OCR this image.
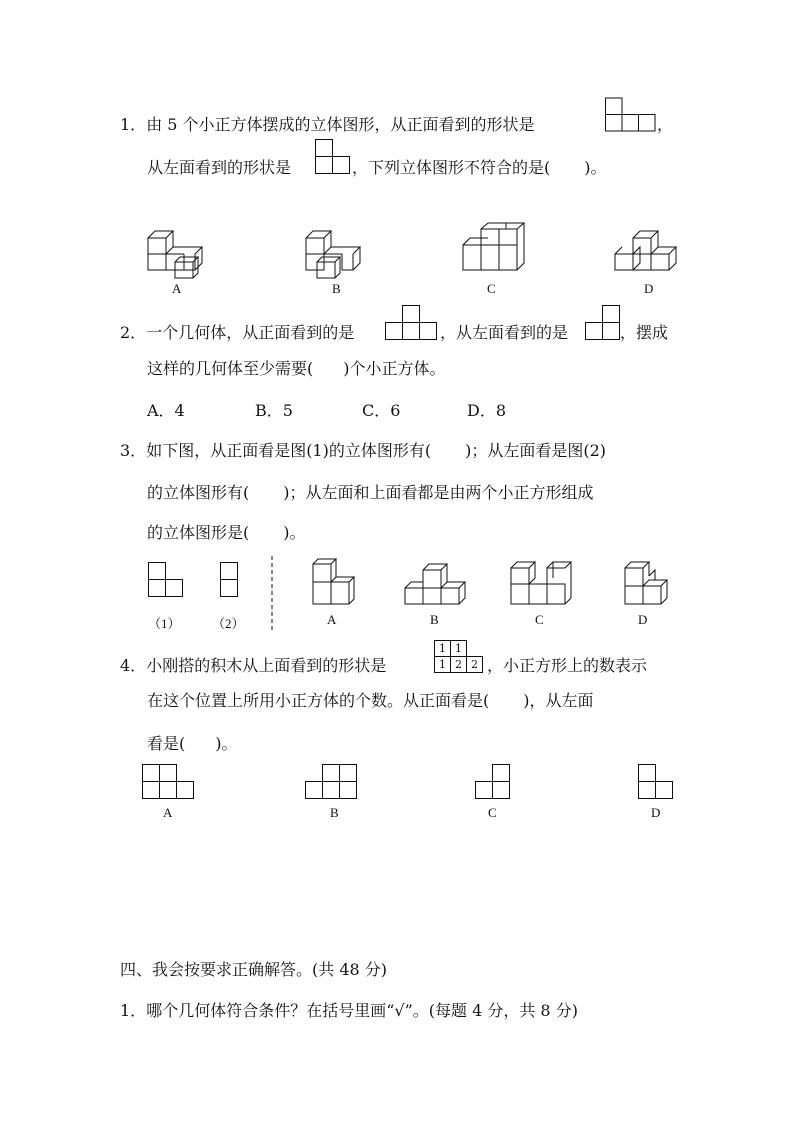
1．由 5 个小正方体摆成的立体图形，从正面看到的形状是	，
从左面看到的形状是	，下列立体图形不符合的是( )。
A	B	C	D
2．一个几何体，从正面看到的是	，从左面看到的是	，摆成
这样的几何体至少需要( )个小正方体。
A．4	B．5	C．6	D．8
3．如下图，从正面看是图(1)的立体图形有( )；从左面看是图(2)
的立体图形有( )；从左面和上面看都是由两个小正方形组成
的立体图形是( )。
（1） （2）	A	B	C	D
4．小刚搭的积木从上面看到的形状是
1 1
1 2 2 ，小正方形上的数表示
在这个位置上所用小正方体的个数。从正面看是( )，从左面
看是( )。
A	B	C	D
四、我会按要求正确解答。(共 48 分)
1．哪个几何体符合条件？在括号里画“√”。(每题 4 分，共 8 分)
